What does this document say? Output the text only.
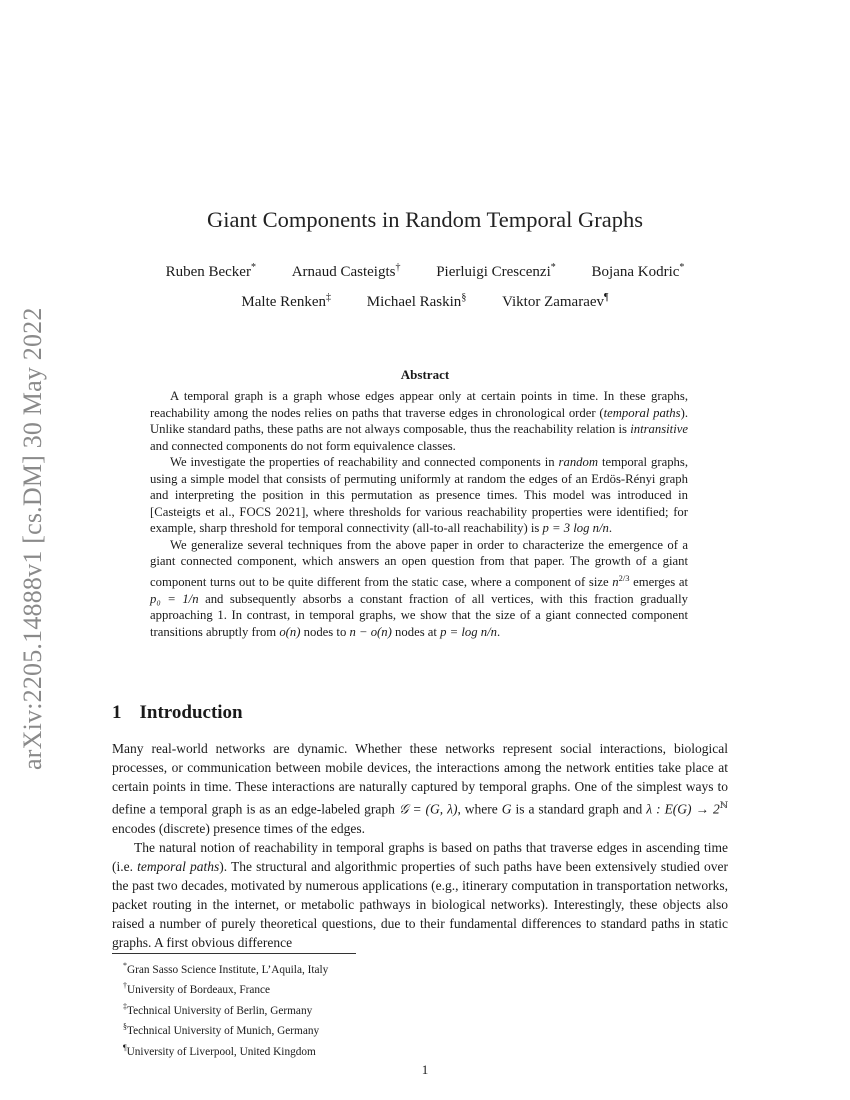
arXiv:2205.14888v1 [cs.DM] 30 May 2022
Giant Components in Random Temporal Graphs
Ruben Becker* Arnaud Casteigts† Pierluigi Crescenzi* Bojana Kodric*
Malte Renken‡ Michael Raskin§ Viktor Zamaraev¶
Abstract

A temporal graph is a graph whose edges appear only at certain points in time. In these graphs, reachability among the nodes relies on paths that traverse edges in chronological order (temporal paths). Unlike standard paths, these paths are not always composable, thus the reachability relation is intransitive and connected components do not form equivalence classes.

We investigate the properties of reachability and connected components in random temporal graphs, using a simple model that consists of permuting uniformly at random the edges of an Erdös-Rényi graph and interpreting the position in this permutation as presence times. This model was introduced in [Casteigts et al., FOCS 2021], where thresholds for various reachability properties were identified; for example, sharp threshold for temporal connectivity (all-to-all reachability) is p = 3 log n/n.

We generalize several techniques from the above paper in order to characterize the emergence of a giant connected component, which answers an open question from that paper. The growth of a giant component turns out to be quite different from the static case, where a component of size $n^{2/3}$ emerges at p₀ = 1/n and subsequently absorbs a constant fraction of all vertices, with this fraction gradually approaching 1. In contrast, in temporal graphs, we show that the size of a giant connected component transitions abruptly from o(n) nodes to n − o(n) nodes at p = log n/n.

1 Introduction

Many real-world networks are dynamic. Whether these networks represent social interactions, biological processes, or communication between mobile devices, the interactions among the network entities take place at certain points in time. These interactions are naturally captured by temporal graphs. One of the simplest ways to define a temporal graph is as an edge-labeled graph 𝒢 = (G, λ), where G is a standard graph and λ : $E(G) \to 2^ℕ$ encodes (discrete) presence times of the edges.

The natural notion of reachability in temporal graphs is based on paths that traverse edges in ascending time (i.e. temporal paths). The structural and algorithmic properties of such paths have been extensively studied over the past two decades, motivated by numerous applications (e.g., itinerary computation in transportation networks, packet routing in the internet, or metabolic pathways in biological networks). Interestingly, these objects also raised a number of purely theoretical questions, due to their fundamental differences to standard paths in static graphs. A first obvious difference

*Gran Sasso Science Institute, L’Aquila, Italy
†University of Bordeaux, France
‡Technical University of Berlin, Germany
§Technical University of Munich, Germany
¶University of Liverpool, United Kingdom
1
